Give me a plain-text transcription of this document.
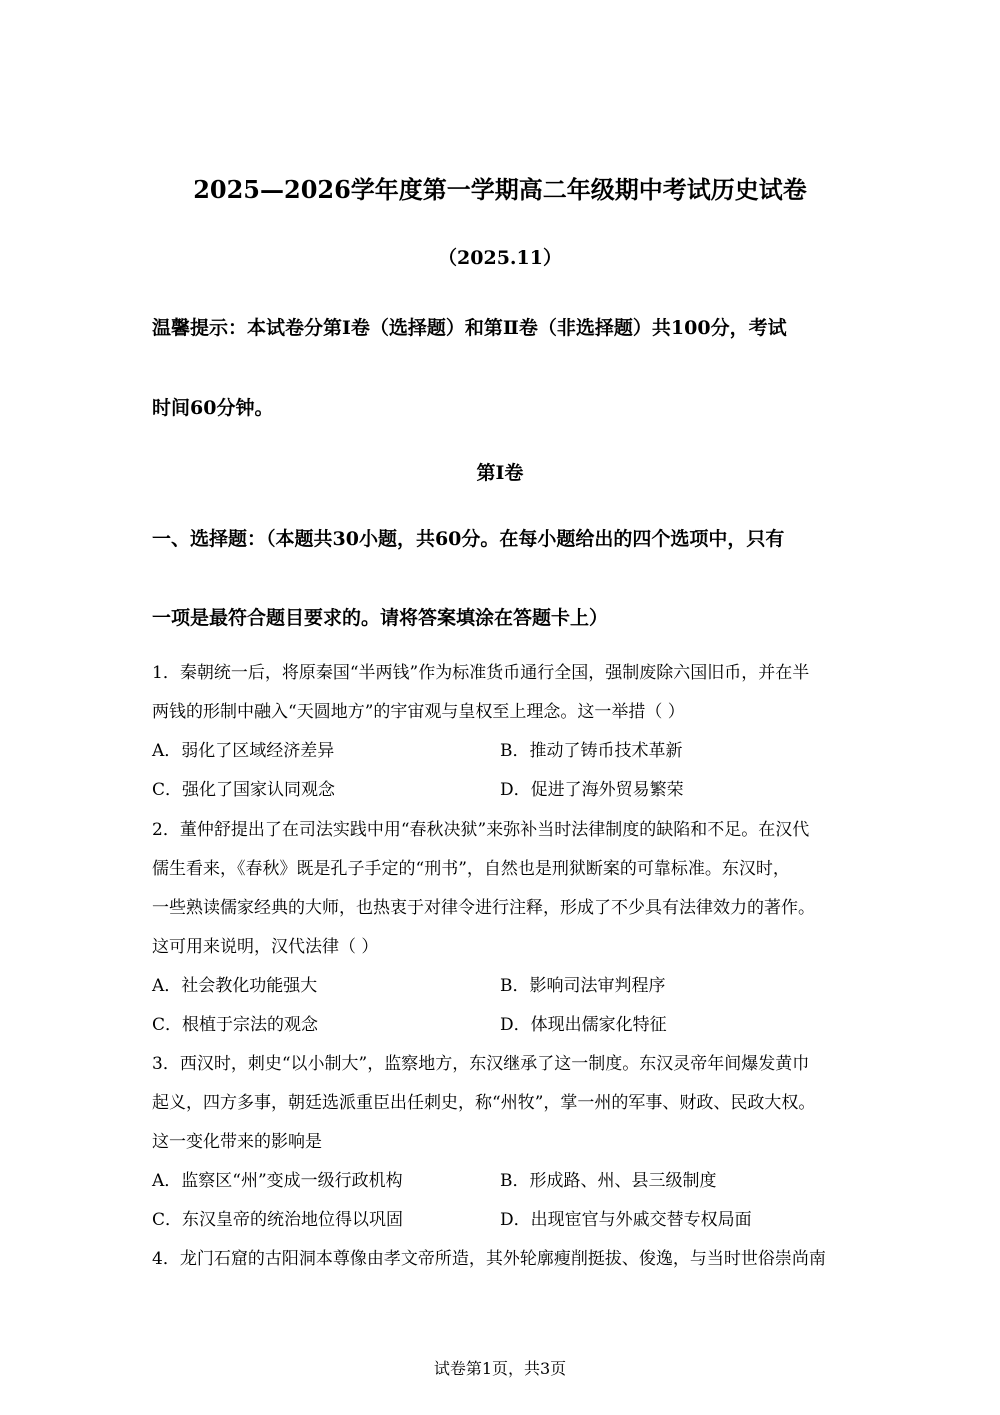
2025—2026学年度第一学期高二年级期中考试历史试卷
（2025.11）
温馨提示：本试卷分第Ⅰ卷（选择题）和第Ⅱ卷（非选择题）共100分，考试
时间60分钟。
第Ⅰ卷
一、选择题：（本题共30小题，共60分。在每小题给出的四个选项中，只有
一项是最符合题目要求的。请将答案填涂在答题卡上）
1．秦朝统一后，将原秦国“半两钱”作为标准货币通行全国，强制废除六国旧币，并在半
两钱的形制中融入“天圆地方”的宇宙观与皇权至上理念。这一举措（ ）
A．弱化了区域经济差异	B．推动了铸币技术革新
C．强化了国家认同观念	D．促进了海外贸易繁荣
2．董仲舒提出了在司法实践中用“春秋决狱”来弥补当时法律制度的缺陷和不足。在汉代
儒生看来，《春秋》既是孔子手定的“刑书”，自然也是刑狱断案的可靠标准。东汉时，
一些熟读儒家经典的大师，也热衷于对律令进行注释，形成了不少具有法律效力的著作。
这可用来说明，汉代法律（ ）
A．社会教化功能强大	B．影响司法审判程序
C．根植于宗法的观念	D．体现出儒家化特征
3．西汉时，刺史“以小制大”，监察地方，东汉继承了这一制度。东汉灵帝年间爆发黄巾
起义，四方多事，朝廷选派重臣出任刺史，称“州牧”，掌一州的军事、财政、民政大权。
这一变化带来的影响是
A．监察区“州”变成一级行政机构	B．形成路、州、县三级制度
C．东汉皇帝的统治地位得以巩固	D．出现宦官与外戚交替专权局面
4．龙门石窟的古阳洞本尊像由孝文帝所造，其外轮廓瘦削挺拔、俊逸，与当时世俗崇尚南
试卷第1页，共3页
